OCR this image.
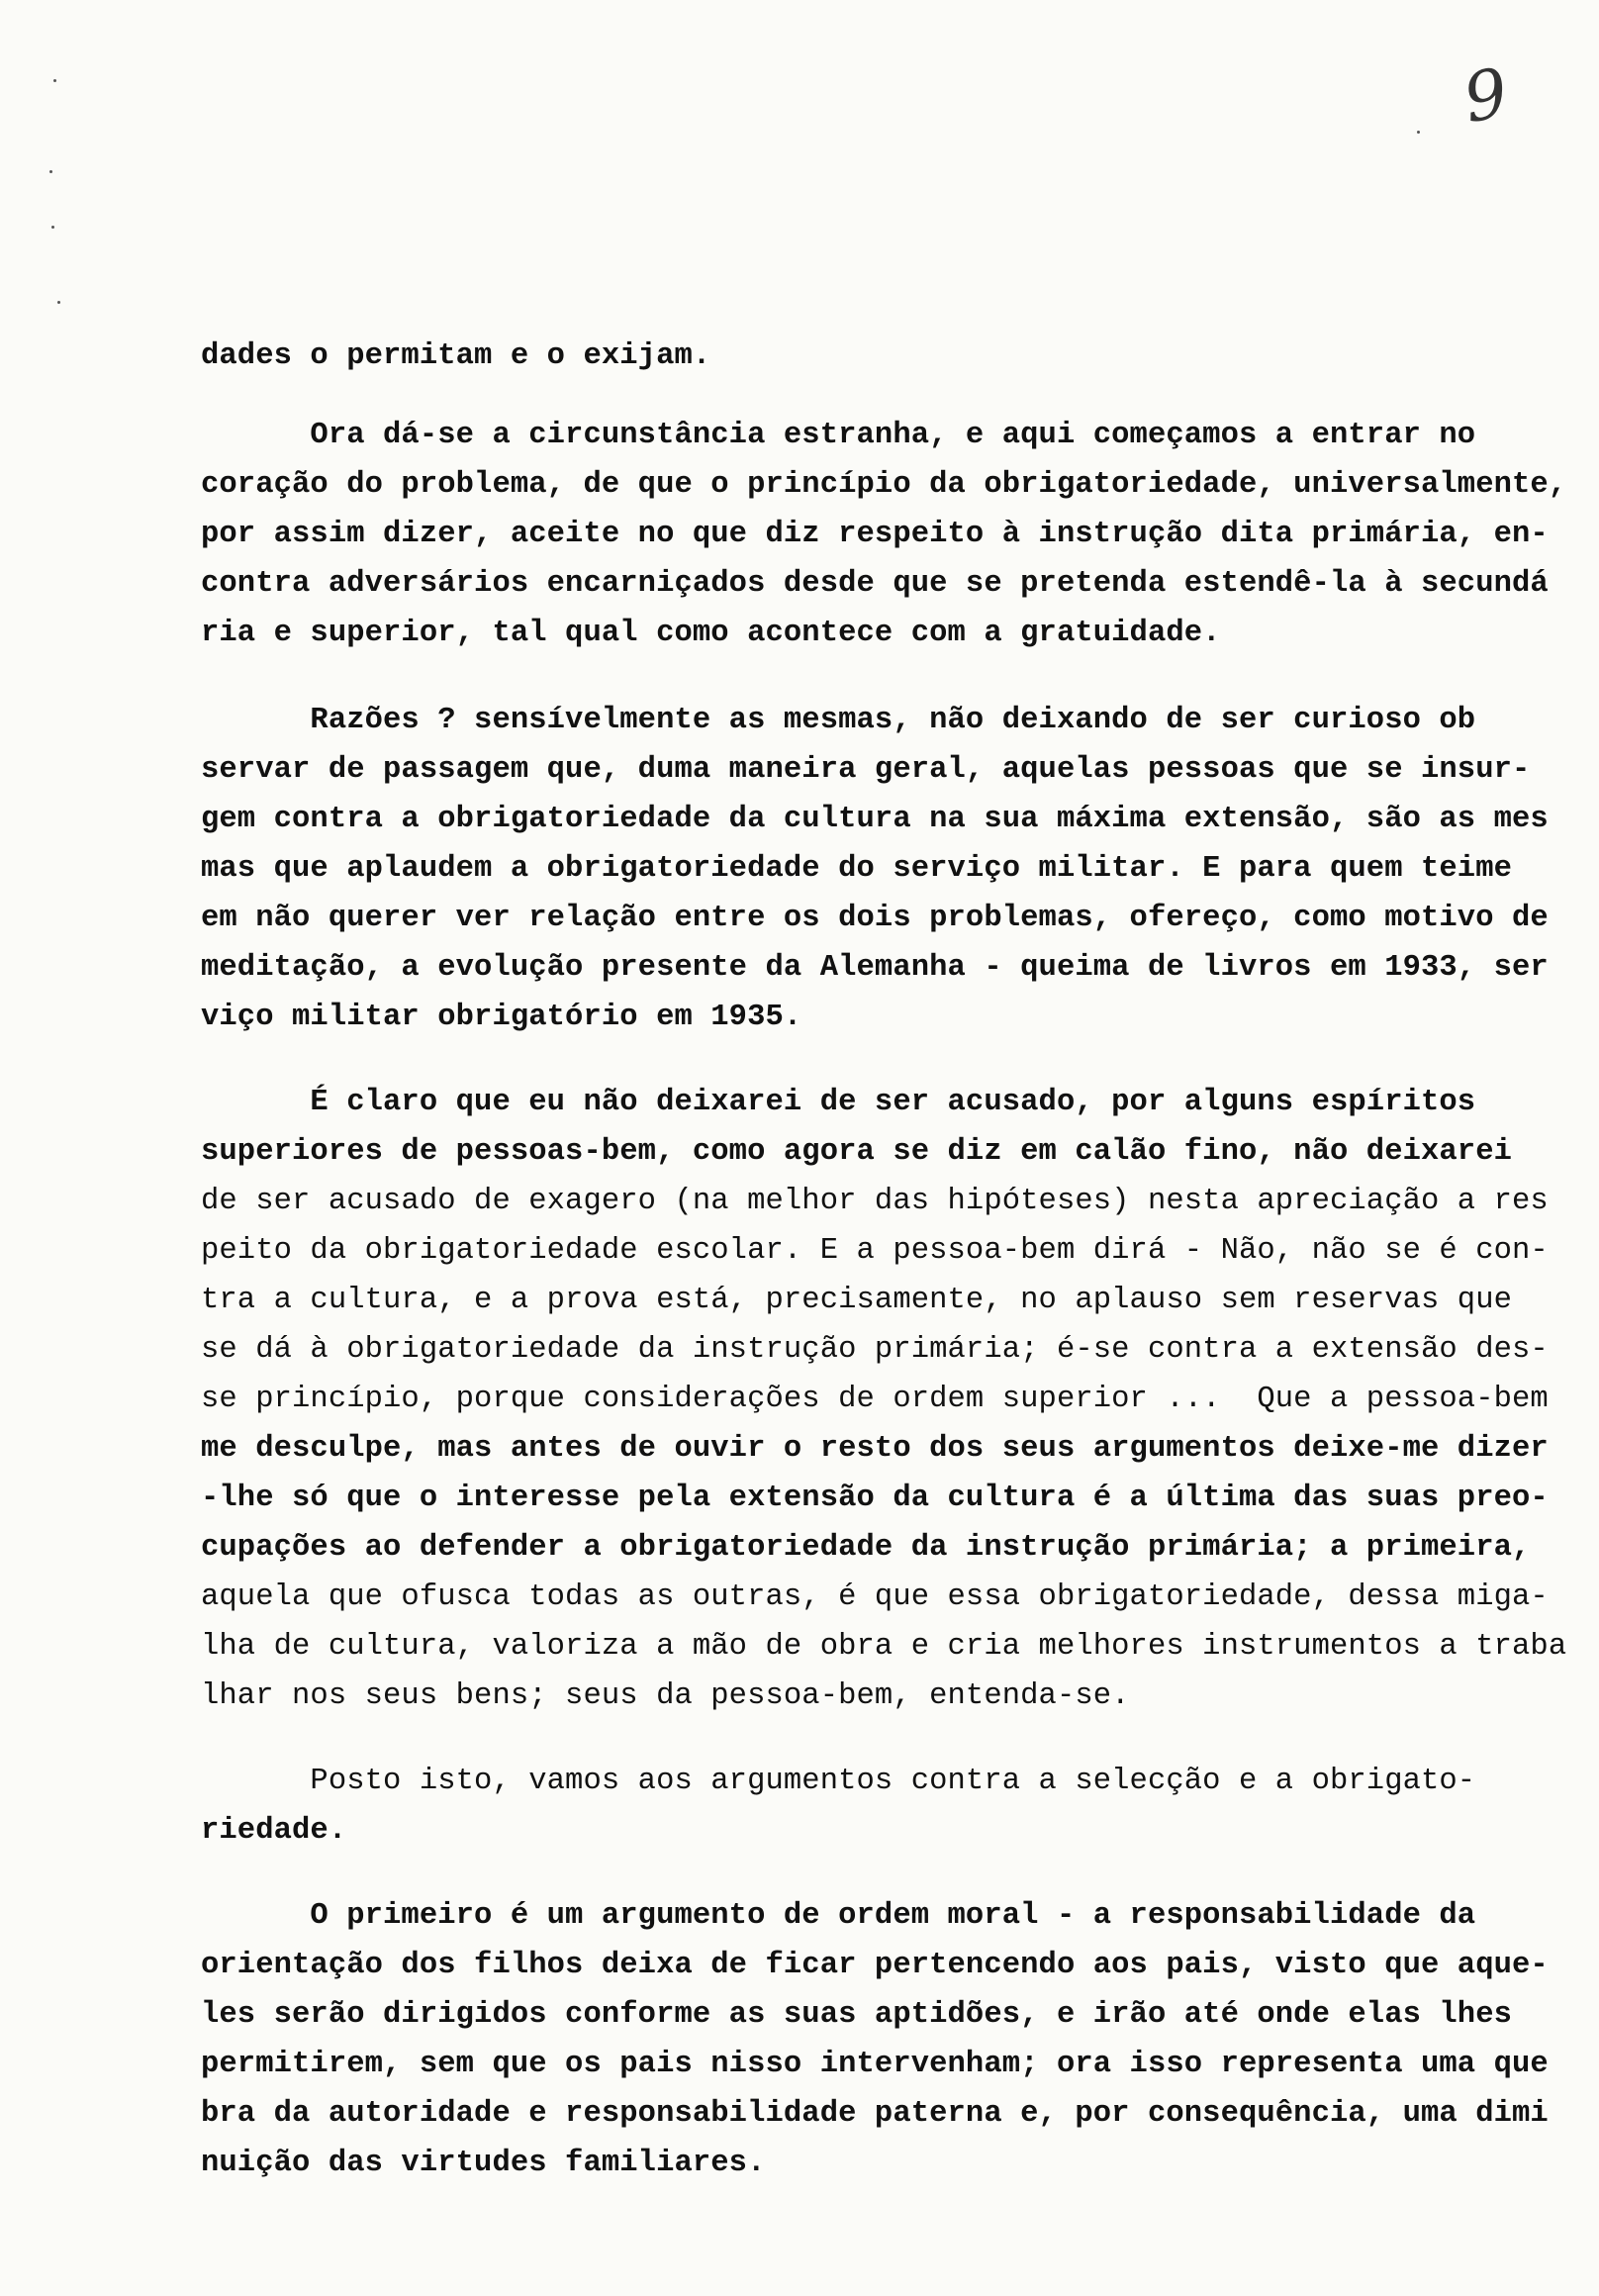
9
dades o permitam e o exijam.
Ora dá-se a circunstância estranha, e aqui começamos a entrar no
coração do problema, de que o princípio da obrigatoriedade, universalmente,
por assim dizer, aceite no que diz respeito à instrução dita primária, en-
contra adversários encarniçados desde que se pretenda estendê-la à secundá
ria e superior, tal qual como acontece com a gratuidade.
Razões ? sensívelmente as mesmas, não deixando de ser curioso ob
servar de passagem que, duma maneira geral, aquelas pessoas que se insur-
gem contra a obrigatoriedade da cultura na sua máxima extensão, são as mes
mas que aplaudem a obrigatoriedade do serviço militar. E para quem teime
em não querer ver relação entre os dois problemas, ofereço, como motivo de
meditação, a evolução presente da Alemanha - queima de livros em 1933, ser
viço militar obrigatório em 1935.
É claro que eu não deixarei de ser acusado, por alguns espíritos
superiores de pessoas-bem, como agora se diz em calão fino, não deixarei
de ser acusado de exagero (na melhor das hipóteses) nesta apreciação a res
peito da obrigatoriedade escolar. E a pessoa-bem dirá - Não, não se é con-
tra a cultura, e a prova está, precisamente, no aplauso sem reservas que
se dá à obrigatoriedade da instrução primária; é-se contra a extensão des-
se princípio, porque considerações de ordem superior ...  Que a pessoa-bem
me desculpe, mas antes de ouvir o resto dos seus argumentos deixe-me dizer
-lhe só que o interesse pela extensão da cultura é a última das suas preo-
cupações ao defender a obrigatoriedade da instrução primária; a primeira,
aquela que ofusca todas as outras, é que essa obrigatoriedade, dessa miga-
lha de cultura, valoriza a mão de obra e cria melhores instrumentos a traba
lhar nos seus bens; seus da pessoa-bem, entenda-se.
Posto isto, vamos aos argumentos contra a selecção e a obrigato-
riedade.
O primeiro é um argumento de ordem moral - a responsabilidade da
orientação dos filhos deixa de ficar pertencendo aos pais, visto que aque-
les serão dirigidos conforme as suas aptidões, e irão até onde elas lhes
permitirem, sem que os pais nisso intervenham; ora isso representa uma que
bra da autoridade e responsabilidade paterna e, por consequência, uma dimi
nuição das virtudes familiares.
